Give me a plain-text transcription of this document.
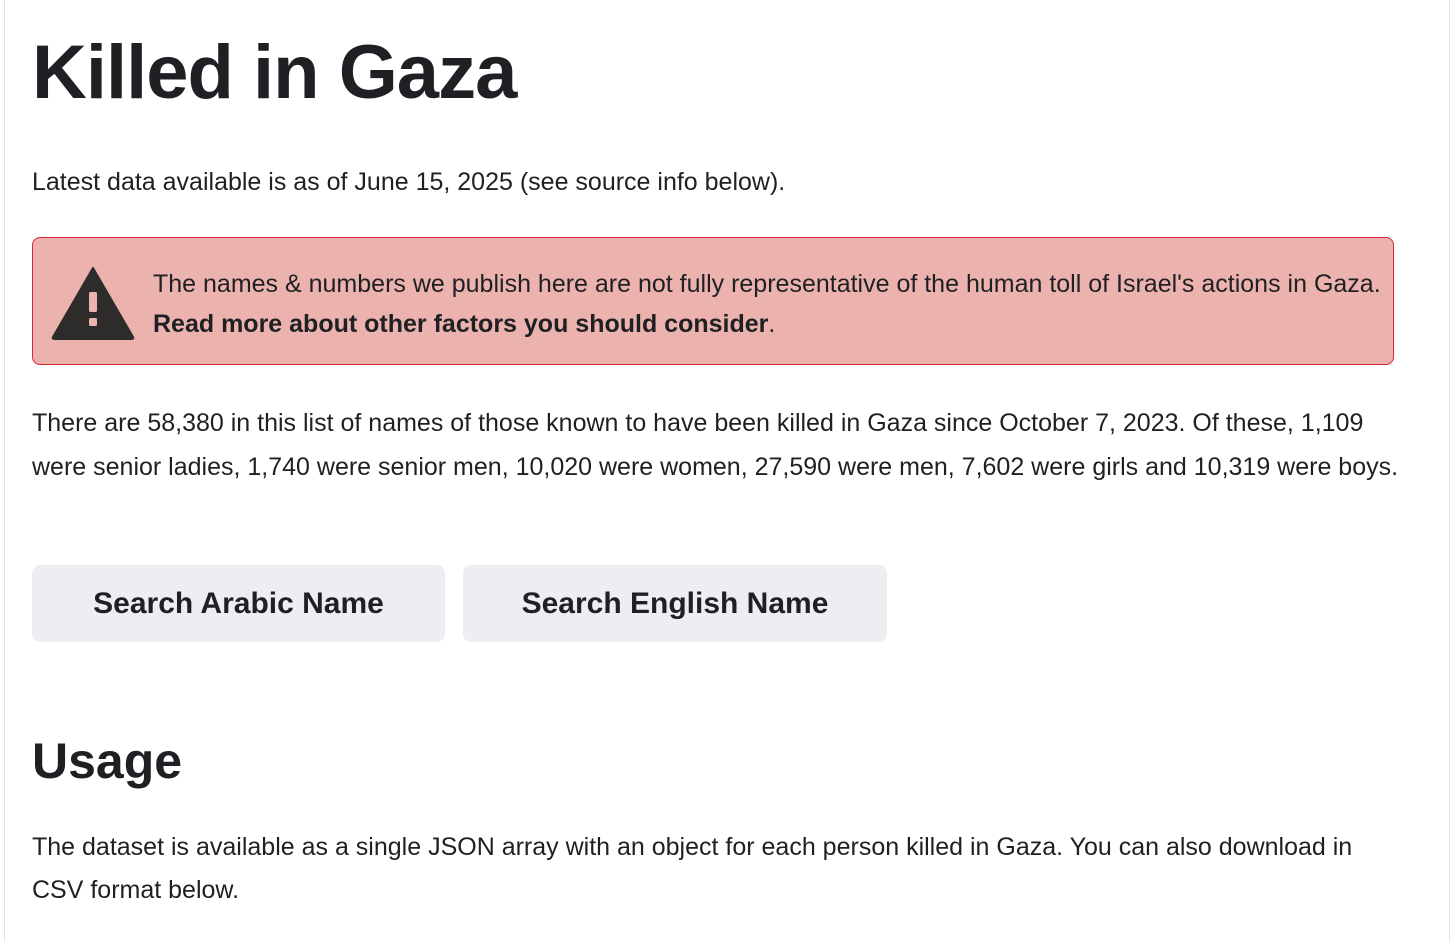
Killed in Gaza

Latest data available is as of June 15, 2025 (see source info below).

The names & numbers we publish here are not fully representative of the human toll of Israel's actions in Gaza. Read more about other factors you should consider.

There are 58,380 in this list of names of those known to have been killed in Gaza since October 7, 2023. Of these, 1,109 were senior ladies, 1,740 were senior men, 10,020 were women, 27,590 were men, 7,602 were girls and 10,319 were boys.

Search Arabic Name	Search English Name
Usage

The dataset is available as a single JSON array with an object for each person killed in Gaza. You can also download in CSV format below.
